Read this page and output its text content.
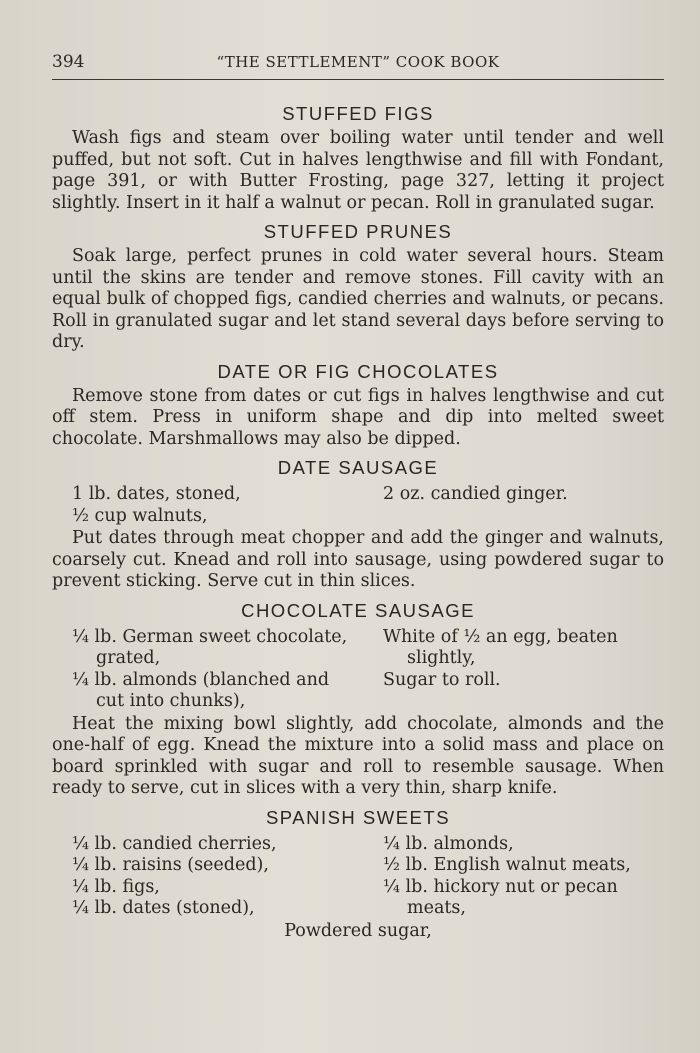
394	“THE SETTLEMENT” COOK BOOK
STUFFED FIGS

Wash figs and steam over boiling water until tender and well puffed, but not soft. Cut in halves lengthwise and fill with Fondant, page 391, or with Butter Frosting, page 327, letting it project slightly. Insert in it half a walnut or pecan. Roll in granulated sugar.

STUFFED PRUNES

Soak large, perfect prunes in cold water several hours. Steam until the skins are tender and remove stones. Fill cavity with an equal bulk of chopped figs, candied cherries and walnuts, or pecans. Roll in granulated sugar and let stand several days before serving to dry.

DATE OR FIG CHOCOLATES

Remove stone from dates or cut figs in halves lengthwise and cut off stem. Press in uniform shape and dip into melted sweet chocolate. Marshmallows may also be dipped.

DATE SAUSAGE
1 lb. dates, stoned,
½ cup walnuts,
2 oz. candied ginger.

Put dates through meat chopper and add the ginger and walnuts, coarsely cut. Knead and roll into sausage, using powdered sugar to prevent sticking. Serve cut in thin slices.

CHOCOLATE SAUSAGE
¼ lb. German sweet chocolate, grated,
¼ lb. almonds (blanched and cut into chunks),
White of ½ an egg, beaten slightly,
Sugar to roll.

Heat the mixing bowl slightly, add chocolate, almonds and the one-half of egg. Knead the mixture into a solid mass and place on board sprinkled with sugar and roll to resemble sausage. When ready to serve, cut in slices with a very thin, sharp knife.

SPANISH SWEETS
¼ lb. candied cherries,
¼ lb. raisins (seeded),
¼ lb. figs,
¼ lb. dates (stoned),
¼ lb. almonds,
½ lb. English walnut meats,
¼ lb. hickory nut or pecan meats,
Powdered sugar,
